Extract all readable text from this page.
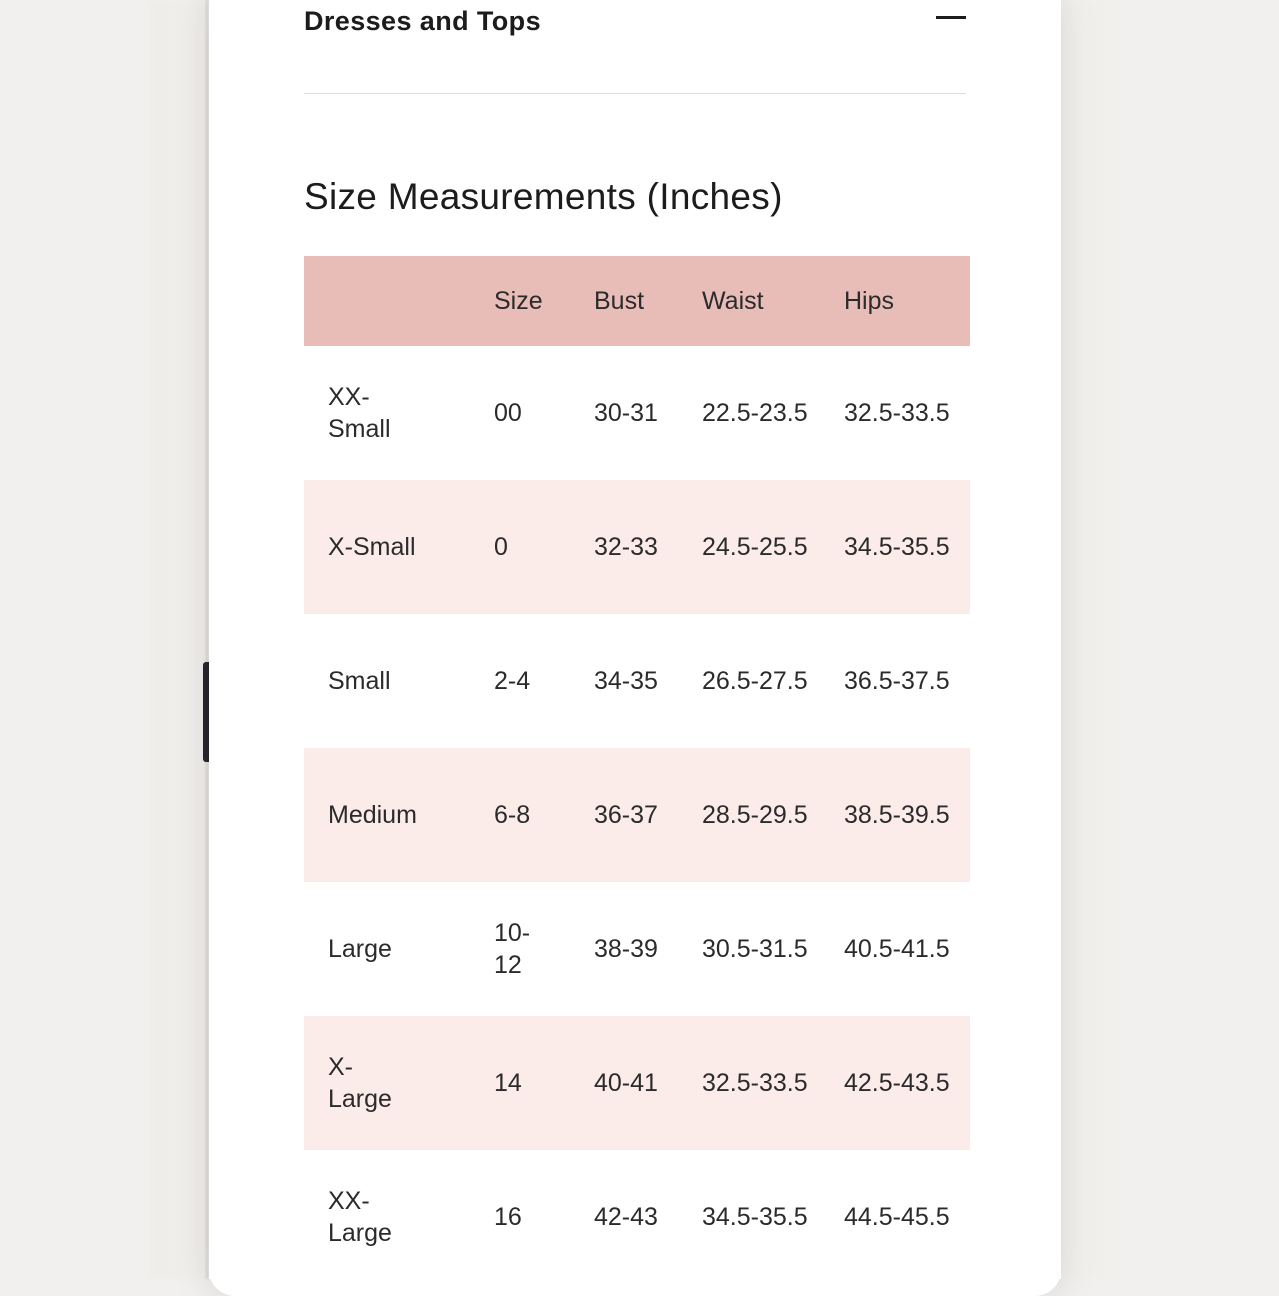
Dresses and Tops
Size Measurements (Inches)
	Size	Bust	Waist	Hips

XX-Small	00	30-31	22.5-23.5	32.5-33.5

X-Small	0	32-33	24.5-25.5	34.5-35.5

Small	2-4	34-35	26.5-27.5	36.5-37.5

Medium	6-8	36-37	28.5-29.5	38.5-39.5

Large	10-12	38-39	30.5-31.5	40.5-41.5

X-Large	14	40-41	32.5-33.5	42.5-43.5

XX-Large	16	42-43	34.5-35.5	44.5-45.5
